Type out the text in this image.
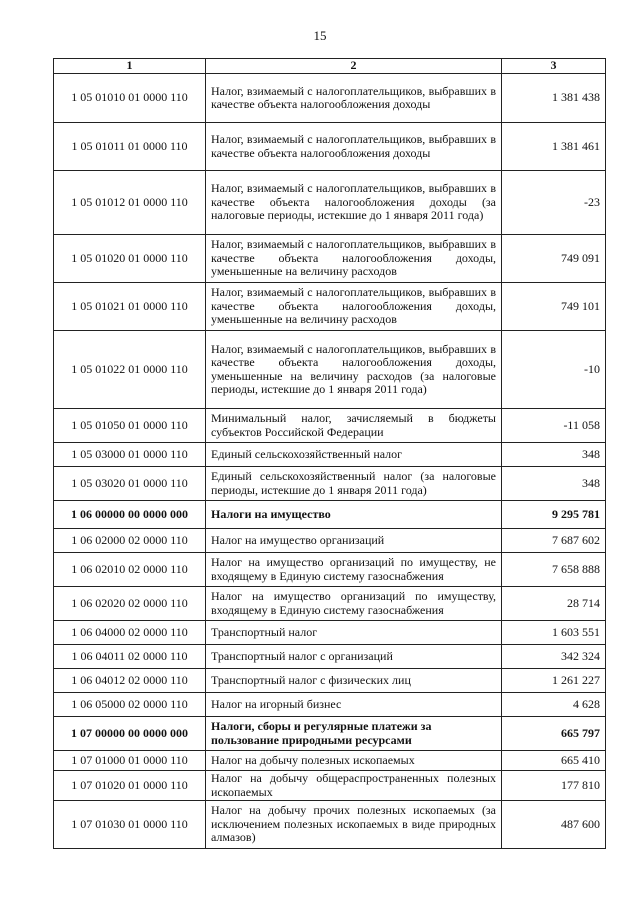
15
1	2	3
1 05 01010 01 0000 110	Налог, взимаемый с налогоплательщиков, выбравших в качестве объекта налогообложения доходы	1 381 438
1 05 01011 01 0000 110	Налог, взимаемый с налогоплательщиков, выбравших в качестве объекта налогообложения доходы	1 381 461
1 05 01012 01 0000 110	Налог, взимаемый с налогоплательщиков, выбравших в качестве объекта налогообложения доходы (за налоговые периоды, истекшие до 1 января 2011 года)	-23
1 05 01020 01 0000 110	Налог, взимаемый с налогоплательщиков, выбравших в качестве объекта налогообложения доходы, уменьшенные на величину расходов	749 091
1 05 01021 01 0000 110	Налог, взимаемый с налогоплательщиков, выбравших в качестве объекта налогообложения доходы, уменьшенные на величину расходов	749 101
1 05 01022 01 0000 110	Налог, взимаемый с налогоплательщиков, выбравших в качестве объекта налогообложения доходы, уменьшенные на величину расходов (за налоговые периоды, истекшие до 1 января 2011 года)	-10
1 05 01050 01 0000 110	Минимальный налог, зачисляемый в бюджеты субъектов Российской Федерации	-11 058
1 05 03000 01 0000 110	Единый сельскохозяйственный налог	348
1 05 03020 01 0000 110	Единый сельскохозяйственный налог (за налоговые периоды, истекшие до 1 января 2011 года)	348
1 06 00000 00 0000 000	Налоги на имущество	9 295 781
1 06 02000 02 0000 110	Налог на имущество организаций	7 687 602
1 06 02010 02 0000 110	Налог на имущество организаций по имуществу, не входящему в Единую систему газоснабжения	7 658 888
1 06 02020 02 0000 110	Налог на имущество организаций по имуществу, входящему в Единую систему газоснабжения	28 714
1 06 04000 02 0000 110	Транспортный налог	1 603 551
1 06 04011 02 0000 110	Транспортный налог с организаций	342 324
1 06 04012 02 0000 110	Транспортный налог с физических лиц	1 261 227
1 06 05000 02 0000 110	Налог на игорный бизнес	4 628
1 07 00000 00 0000 000	Налоги, сборы и регулярные платежи за пользование природными ресурсами	665 797
1 07 01000 01 0000 110	Налог на добычу полезных ископаемых	665 410
1 07 01020 01 0000 110	Налог на добычу общераспространенных полезных ископаемых	177 810
1 07 01030 01 0000 110	Налог на добычу прочих полезных ископаемых (за исключением полезных ископаемых в виде природных алмазов)	487 600
